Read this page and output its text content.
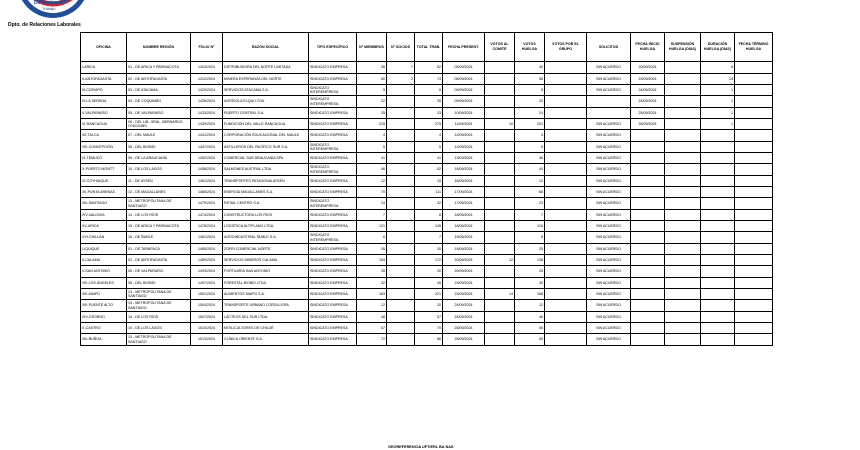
Dirección del
Trabajo
Dpto. de Relaciones Laborales
OFICINA	NOMBRE REGIÓN	FOLIO N°	RAZÓN SOCIAL	TIPO ESPECÍFICO	N° MIEMBROS	N° SOCIOS	TOTAL TRAB.	FECHA PRESENT.	VOTOS AL COMITÉ	VOTOS HUELGA	VOTOS POR EL GRUPO	SOLICITUD	FECHA INICIO HUELGA	SUSPENSIÓN HUELGA (DÍAS)	DURACIÓN HUELGA (DÍAS)	FECHA TÉRMINO HUELGA
I-ARICA	01 - DE ARICA Y PARINACOTA	1403/2024	DISTRIBUIDORA DEL NORTE LIMITADA	SINDICATO EMPRESA	38	7	52	05/09/2024		40		SIN ACUERDO	20/09/2024		6	
II-ANTOFAGASTA	02 - DE ANTOFAGASTA	1412/2024	MINERA ESPERANZA DEL NORTE	SINDICATO EMPRESA	60	2	74	06/09/2024		58		SIN ACUERDO	23/09/2024		14	
III-COPIAPÓ	03 - DE ATACAMA	1420/2024	SERVICIOS ATACAMA S.A.	SINDICATO INTEREMPRESA	5		6	09/09/2024		5		SIN ACUERDO	24/09/2024		1	
IV-LA SERENA	04 - DE COQUIMBO	1426/2024	AGRÍCOLA ELQUI LTDA.	SINDICATO INTEREMPRESA	22		35	09/09/2024		20			24/09/2024		1	
V-VALPARAÍSO	05 - DE VALPARAÍSO	1433/2024	PUERTO CENTRAL S.A.	SINDICATO EMPRESA	25		33	10/09/2024		24			25/09/2024		1	
VI-RANCAGUA	06 - DEL LIB. GRAL. BERNARDO O'HIGGINS	1439/2024	FUNDICIÓN DEL VALLE RANCAGUA	SINDICATO EMPRESA	215		275	11/09/2024	10	201		SIN ACUERDO	26/09/2024		1	
VII-TALCA	07 - DEL MAULE	1441/2024	CORPORACIÓN EDUCACIONAL DEL MAULE	SINDICATO EMPRESA	4		4	12/09/2024		4		SIN ACUERDO				
VIII-CONCEPCIÓN	08 - DEL BIOBÍO	1447/2024	ASTILLEROS DEL PACÍFICO SUR S.A.	SINDICATO INTEREMPRESA	5		5	12/09/2024		5		SIN ACUERDO				
IX-TEMUCO	09 - DE LA ARAUCANÍA	1452/2024	COMERCIAL SUR ARAUCANÍA SPA	SINDICATO EMPRESA	41		41	13/09/2024		36		SIN ACUERDO				
X-PUERTO MONTT	10 - DE LOS LAGOS	1458/2024	SALMONES AUSTRAL LTDA.	SINDICATO INTEREMPRESA	46		52	16/09/2024		44		SIN ACUERDO				
XI-COYHAIQUE	11 - DE AYSÉN	1461/2024	TRANSPORTES PATAGONIA AYSÉN	SINDICATO EMPRESA	12		15	16/09/2024		12		SIN ACUERDO				
XII-PUNTA ARENAS	12 - DE MAGALLANES	1466/2024	ENERGÍA MAGALLANES S.A.	SINDICATO EMPRESA	70		111	17/09/2024		68		SIN ACUERDO				
XIII-SANTIAGO	13 - METROPOLITANA DE SANTIAGO	1470/2024	RETAIL CENTRO S.A.	SINDICATO INTEREMPRESA	24		32	17/09/2024		23		SIN ACUERDO				
XIV-VALDIVIA	14 - DE LOS RÍOS	1474/2024	CONSTRUCTORA LOS RÍOS	SINDICATO EMPRESA	7		8	18/09/2024		7		SIN ACUERDO				
XV-ARICA	15 - DE ARICA Y PARINACOTA	1478/2024	LOGÍSTICA ALTIPLANO LTDA.	SINDICATO EMPRESA	121		145	18/09/2024		116		SIN ACUERDO				
XVI-CHILLÁN	16 - DE ÑUBLE	1481/2024	AGROINDUSTRIAL ÑUBLE S.A.	SINDICATO INTEREMPRESA	6		7	19/09/2024		6		SIN ACUERDO				
I-IQUIQUE	01 - DE TARAPACÁ	1485/2024	ZOFRI COMERCIAL NORTE	SINDICATO EMPRESA	26		30	19/09/2024		25		SIN ACUERDO				
II-CALAMA	02 - DE ANTOFAGASTA	1489/2024	SERVICIOS MINEROS CALAMA	SINDICATO EMPRESA	154		172	20/09/2024	12	138		SIN ACUERDO				
V-SAN ANTONIO	05 - DE VALPARAÍSO	1493/2024	PORTUARIA SAN ANTONIO	SINDICATO EMPRESA	26		30	20/09/2024		25		SIN ACUERDO				
VIII-LOS ÁNGELES	08 - DEL BIOBÍO	1497/2024	FORESTAL BIOBÍO LTDA.	SINDICATO EMPRESA	32		45	23/09/2024		30		SIN ACUERDO				
XIII-MAIPÚ	13 - METROPOLITANA DE SANTIAGO	1501/2024	ALIMENTOS MAIPÚ S.A.	SINDICATO EMPRESA	183		221	23/09/2024	14	168		SIN ACUERDO				
XIII-PUENTE ALTO	13 - METROPOLITANA DE SANTIAGO	1504/2024	TRANSPORTE URBANO CORDILLERA	SINDICATO EMPRESA	12		20	24/09/2024		12		SIN ACUERDO				
XIV-OSORNO	14 - DE LOS RÍOS	1507/2024	LÁCTEOS DEL SUR LTDA.	SINDICATO EMPRESA	48		57	24/09/2024		46		SIN ACUERDO				
X-CASTRO	10 - DE LOS LAGOS	1510/2024	MITILICULTORES DE CHILOÉ	SINDICATO EMPRESA	57		70	25/09/2024		55		SIN ACUERDO				
XIII-ÑUÑOA	13 - METROPOLITANA DE SANTIAGO	1513/2024	CLÍNICA ORIENTE S.A.	SINDICATO EMPRESA	72		86	25/09/2024		69		SIN ACUERDO				
GEOREFERENCIA UFT/ERL BA NAS
